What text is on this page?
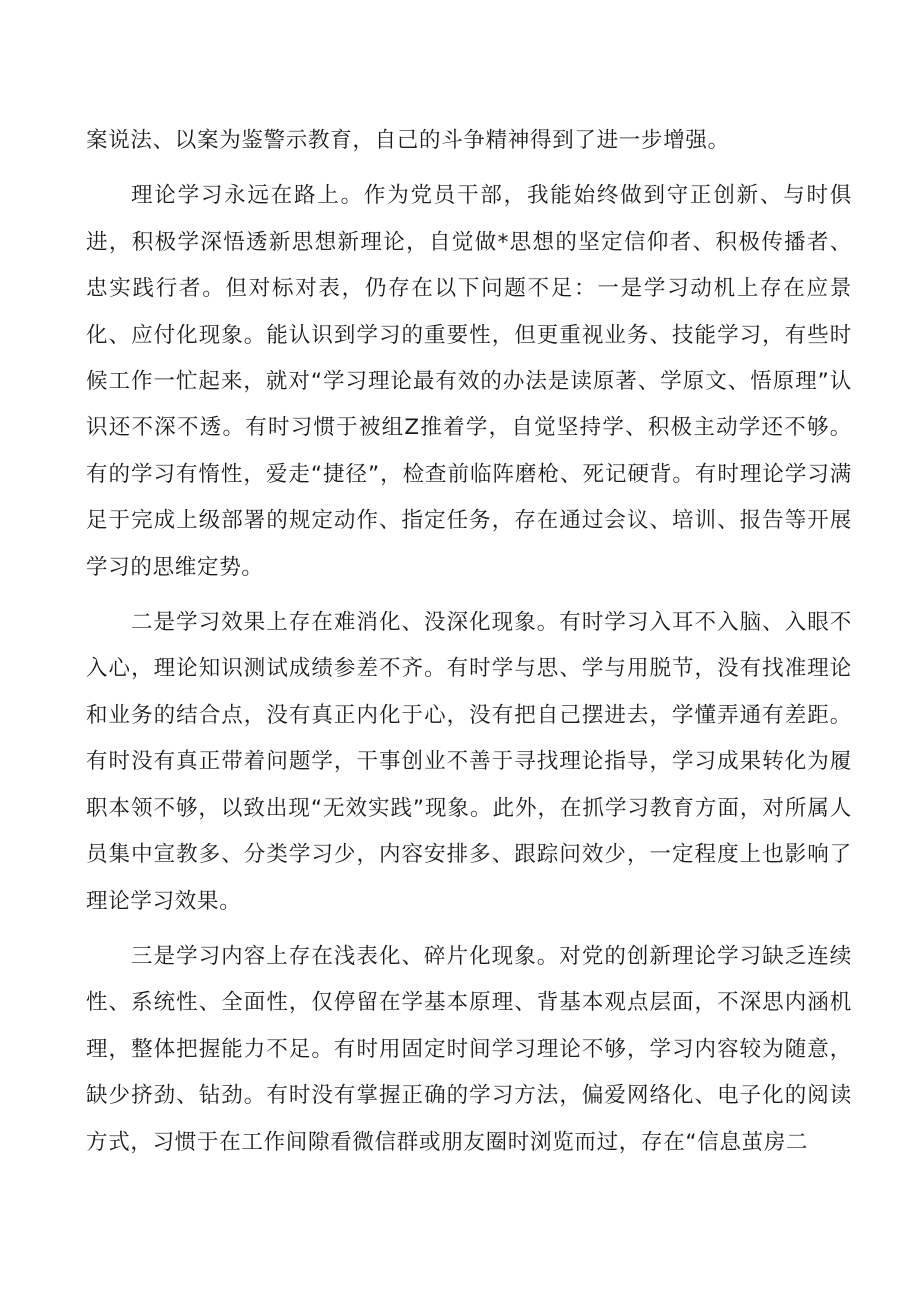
案说法、以案为鉴警示教育，自己的斗争精神得到了进一步增强。

理论学习永远在路上。作为党员干部，我能始终做到守正创新、与时俱进，积极学深悟透新思想新理论，自觉做*思想的坚定信仰者、积极传播者、忠实践行者。但对标对表，仍存在以下问题不足：一是学习动机上存在应景化、应付化现象。能认识到学习的重要性，但更重视业务、技能学习，有些时候工作一忙起来，就对“学习理论最有效的办法是读原著、学原文、悟原理”认识还不深不透。有时习惯于被组Z推着学，自觉坚持学、积极主动学还不够。有的学习有惰性，爱走“捷径”，检查前临阵磨枪、死记硬背。有时理论学习满足于完成上级部署的规定动作、指定任务，存在通过会议、培训、报告等开展学习的思维定势。

二是学习效果上存在难消化、没深化现象。有时学习入耳不入脑、入眼不入心，理论知识测试成绩参差不齐。有时学与思、学与用脱节，没有找准理论和业务的结合点，没有真正内化于心，没有把自己摆进去，学懂弄通有差距。有时没有真正带着问题学，干事创业不善于寻找理论指导，学习成果转化为履职本领不够，以致出现“无效实践”现象。此外，在抓学习教育方面，对所属人员集中宣教多、分类学习少，内容安排多、跟踪问效少，一定程度上也影响了理论学习效果。

三是学习内容上存在浅表化、碎片化现象。对党的创新理论学习缺乏连续性、系统性、全面性，仅停留在学基本原理、背基本观点层面，不深思内涵机理，整体把握能力不足。有时用固定时间学习理论不够，学习内容较为随意，缺少挤劲、钻劲。有时没有掌握正确的学习方法，偏爱网络化、电子化的阅读方式，习惯于在工作间隙看微信群或朋友圈时浏览而过，存在“信息茧房二
